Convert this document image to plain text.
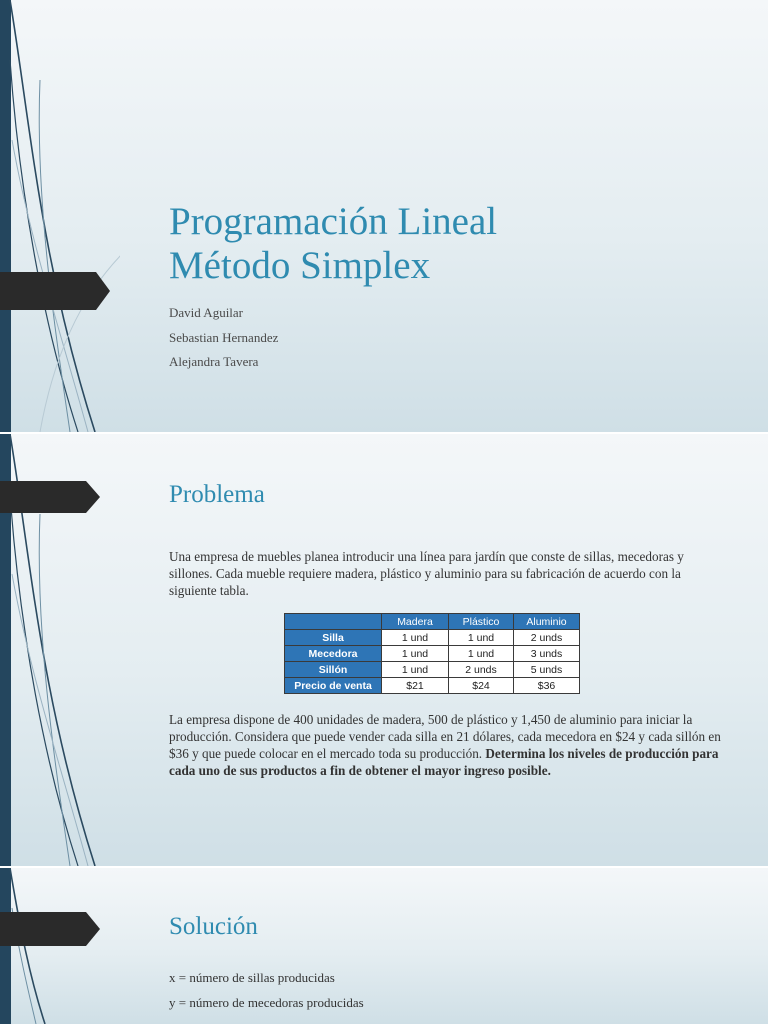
Programación Lineal
Método Simplex
David Aguilar
Sebastian Hernandez
Alejandra Tavera
Problema
Una empresa de muebles planea introducir una línea para jardín que conste de sillas, mecedoras y sillones. Cada mueble requiere madera, plástico y aluminio para su fabricación de acuerdo con la siguiente tabla.
	Madera	Plástico	Aluminio
Silla	1 und	1 und	2 unds
Mecedora	1 und	1 und	3 unds
Sillón	1 und	2 unds	5 unds
Precio de venta	$21	$24	$36
La empresa dispone de 400 unidades de madera, 500 de plástico y 1,450 de aluminio para iniciar la producción. Considera que puede vender cada silla en 21 dólares, cada mecedora en $24 y cada sillón en $36 y que puede colocar en el mercado toda su producción. Determina los niveles de producción para cada uno de sus productos a fin de obtener el mayor ingreso posible.
Solución
x = número de sillas producidas
y = número de mecedoras producidas
